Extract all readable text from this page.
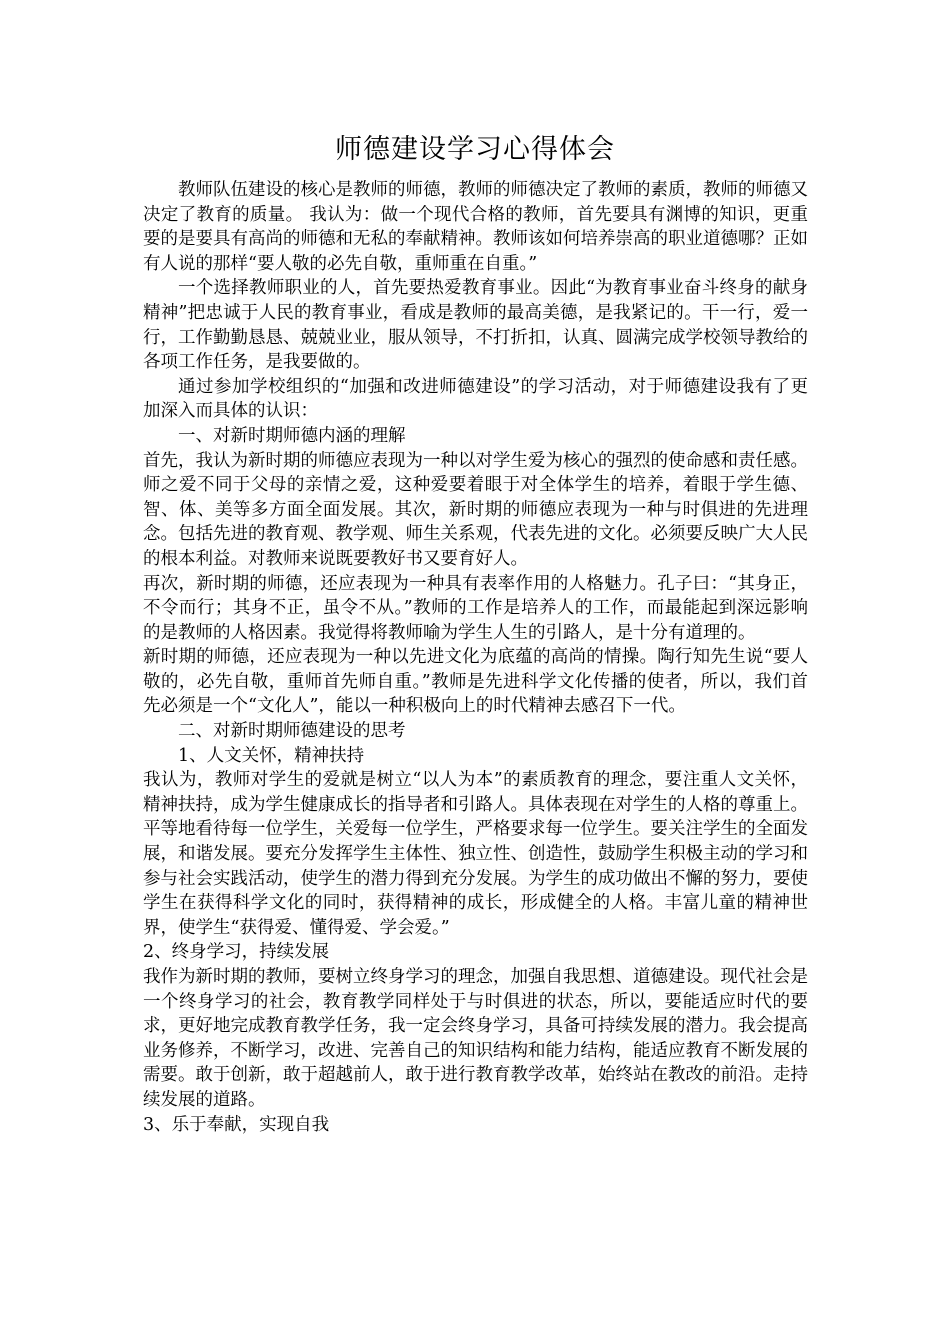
师德建设学习心得体会

教师队伍建设的核心是教师的师德，教师的师德决定了教师的素质，教师的师德又决定了教育的质量。 我认为：做一个现代合格的教师，首先要具有渊博的知识，更重要的是要具有高尚的师德和无私的奉献精神。教师该如何培养崇高的职业道德哪？正如有人说的那样“要人敬的必先自敬，重师重在自重。”

一个选择教师职业的人，首先要热爱教育事业。因此“为教育事业奋斗终身的献身精神”把忠诚于人民的教育事业，看成是教师的最高美德，是我紧记的。干一行，爱一行，工作勤勤恳恳、兢兢业业，服从领导，不打折扣，认真、圆满完成学校领导教给的各项工作任务，是我要做的。

通过参加学校组织的“加强和改进师德建设”的学习活动，对于师德建设我有了更加深入而具体的认识：

一、对新时期师德内涵的理解

首先，我认为新时期的师德应表现为一种以对学生爱为核心的强烈的使命感和责任感。师之爱不同于父母的亲情之爱，这种爱要着眼于对全体学生的培养，着眼于学生德、智、体、美等多方面全面发展。其次，新时期的师德应表现为一种与时俱进的先进理念。包括先进的教育观、教学观、师生关系观，代表先进的文化。必须要反映广大人民的根本利益。对教师来说既要教好书又要育好人。

再次，新时期的师德，还应表现为一种具有表率作用的人格魅力。孔子曰：“其身正，不令而行；其身不正，虽令不从。”教师的工作是培养人的工作，而最能起到深远影响的是教师的人格因素。我觉得将教师喻为学生人生的引路人，是十分有道理的。

新时期的师德，还应表现为一种以先进文化为底蕴的高尚的情操。陶行知先生说“要人敬的，必先自敬，重师首先师自重。”教师是先进科学文化传播的使者，所以，我们首先必须是一个“文化人”，能以一种积极向上的时代精神去感召下一代。

二、对新时期师德建设的思考

1、人文关怀，精神扶持

我认为，教师对学生的爱就是树立“以人为本”的素质教育的理念，要注重人文关怀，精神扶持，成为学生健康成长的指导者和引路人。具体表现在对学生的人格的尊重上。平等地看待每一位学生，关爱每一位学生，严格要求每一位学生。要关注学生的全面发展，和谐发展。要充分发挥学生主体性、独立性、创造性，鼓励学生积极主动的学习和参与社会实践活动，使学生的潜力得到充分发展。为学生的成功做出不懈的努力，要使学生在获得科学文化的同时，获得精神的成长，形成健全的人格。丰富儿童的精神世界，使学生“获得爱、懂得爱、学会爱。”

2、终身学习，持续发展

我作为新时期的教师，要树立终身学习的理念，加强自我思想、道德建设。现代社会是一个终身学习的社会，教育教学同样处于与时俱进的状态，所以，要能适应时代的要求，更好地完成教育教学任务，我一定会终身学习，具备可持续发展的潜力。我会提高业务修养，不断学习，改进、完善自己的知识结构和能力结构，能适应教育不断发展的需要。敢于创新，敢于超越前人，敢于进行教育教学改革，始终站在教改的前沿。走持续发展的道路。

3、乐于奉献，实现自我
